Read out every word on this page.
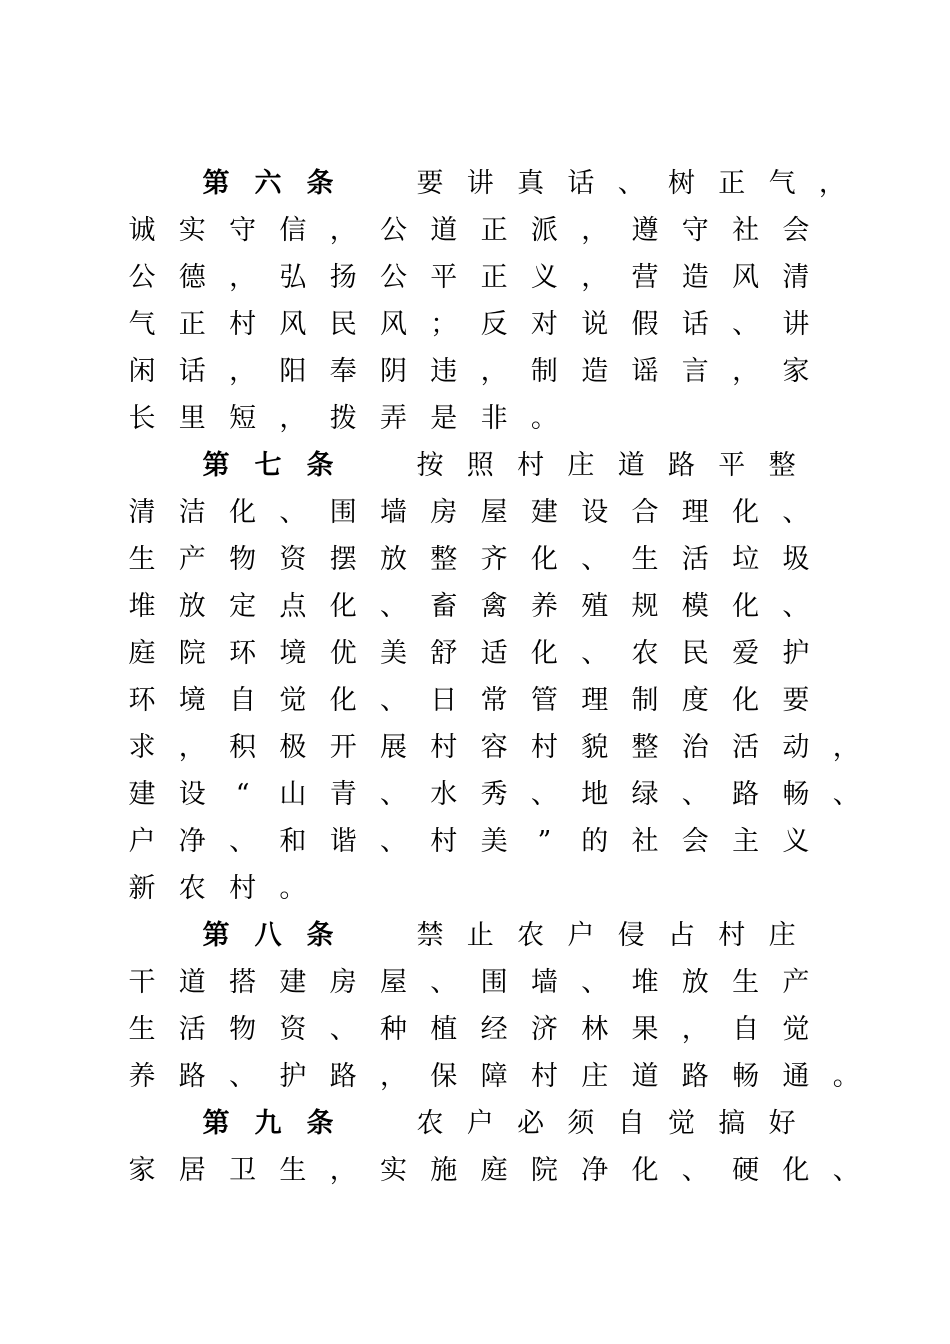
第 六 条	要 讲 真 话 、 树 正 气 ，
诚 实 守 信 ， 公 道 正 派 ， 遵 守 社 会
公 德 ， 弘 扬 公 平 正 义 ， 营 造 风 清
气 正 村 风 民 风 ； 反 对 说 假 话 、 讲
闲 话 ， 阳 奉 阴 违 ， 制 造 谣 言 ， 家
长 里 短 ， 拨 弄 是 非 。
第 七 条	按 照 村 庄 道 路 平 整
清 洁 化 、 围 墙 房 屋 建 设 合 理 化 、
生 产 物 资 摆 放 整 齐 化 、 生 活 垃 圾
堆 放 定 点 化 、 畜 禽 养 殖 规 模 化 、
庭 院 环 境 优 美 舒 适 化 、 农 民 爱 护
环 境 自 觉 化 、 日 常 管 理 制 度 化 要
求 ， 积 极 开 展 村 容 村 貌 整 治 活 动 ，
建 设	“	山 青 、 水 秀 、 地 绿 、 路 畅 、
户 净 、 和 谐 、 村 美	”	的 社 会 主 义
新 农 村 。
第 八 条	禁 止 农 户 侵 占 村 庄
干 道 搭 建 房 屋 、 围 墙 、 堆 放 生 产
生 活 物 资 、 种 植 经 济 林 果 ， 自 觉
养 路 、 护 路 ， 保 障 村 庄 道 路 畅 通 。
第 九 条	农 户 必 须 自 觉 搞 好
家 居 卫 生 ， 实 施 庭 院 净 化 、 硬 化 、
